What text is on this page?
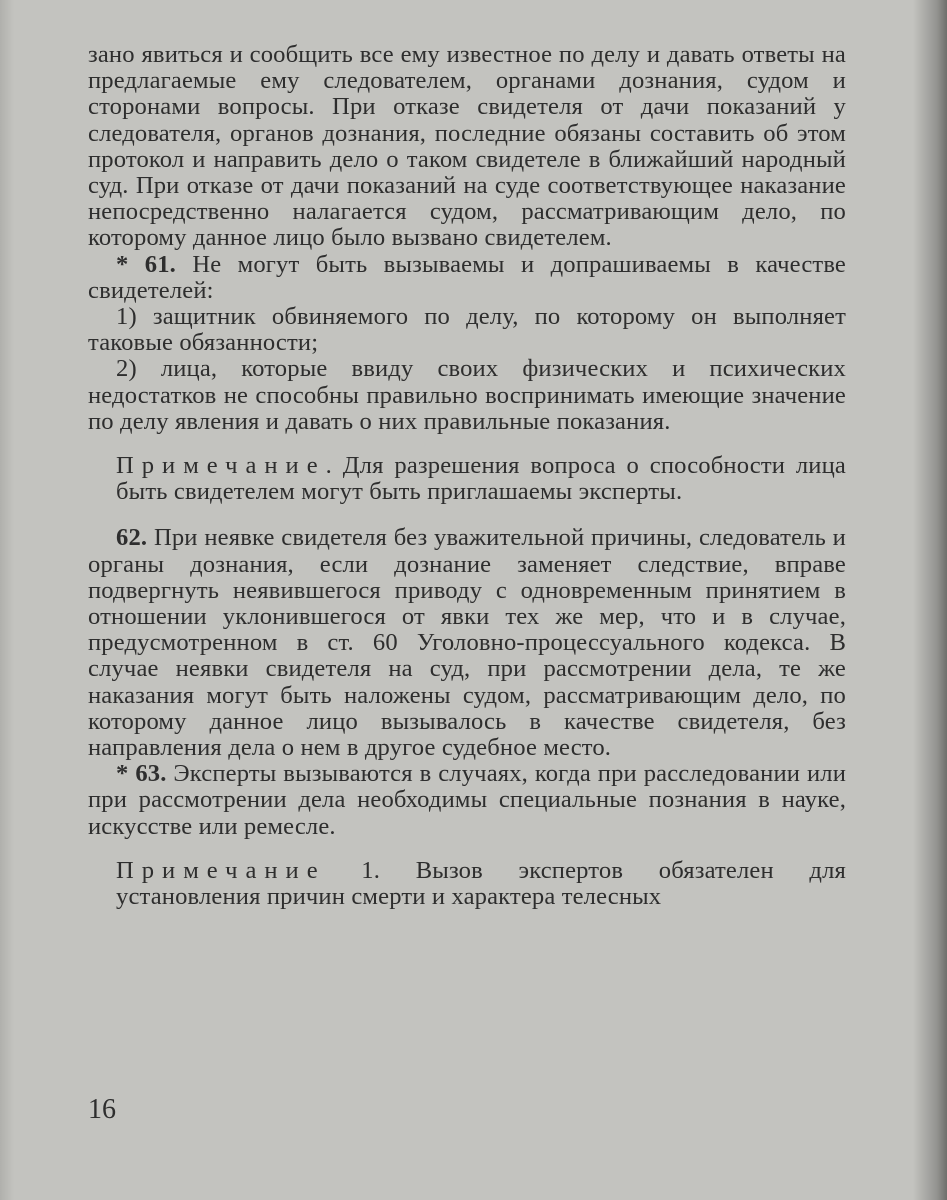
зано явиться и сообщить все ему известное по делу и давать ответы на предлагаемые ему следователем, органами дознания, судом и сторонами вопросы. При отказе свидетеля от дачи показаний у следователя, органов дознания, последние обязаны составить об этом протокол и направить дело о таком свидетеле в ближайший народный суд. При отказе от дачи показаний на суде соответствующее наказание непосредственно налагается судом, рассматривающим дело, по которому данное лицо было вызвано свидетелем.

* 61. Не могут быть вызываемы и допрашиваемы в качестве свидетелей:

1) защитник обвиняемого по делу, по которому он выполняет таковые обязанности;

2) лица, которые ввиду своих физических и психических недостатков не способны правильно воспринимать имеющие значение по делу явления и давать о них правильные показания.

Примечание. Для разрешения вопроса о способности лица быть свидетелем могут быть приглашаемы эксперты.

62. При неявке свидетеля без уважительной причины, следователь и органы дознания, если дознание заменяет следствие, вправе подвергнуть неявившегося приводу с одновременным принятием в отношении уклонившегося от явки тех же мер, что и в случае, предусмотренном в ст. 60 Уголовно-процессуального кодекса. В случае неявки свидетеля на суд, при рассмотрении дела, те же наказания могут быть наложены судом, рассматривающим дело, по которому данное лицо вызывалось в качестве свидетеля, без направления дела о нем в другое судебное место.

* 63. Эксперты вызываются в случаях, когда при расследовании или при рассмотрении дела необходимы специальные познания в науке, искусстве или ремесле.

Примечание 1. Вызов экспертов обязателен для установления причин смерти и характера телесных

16
